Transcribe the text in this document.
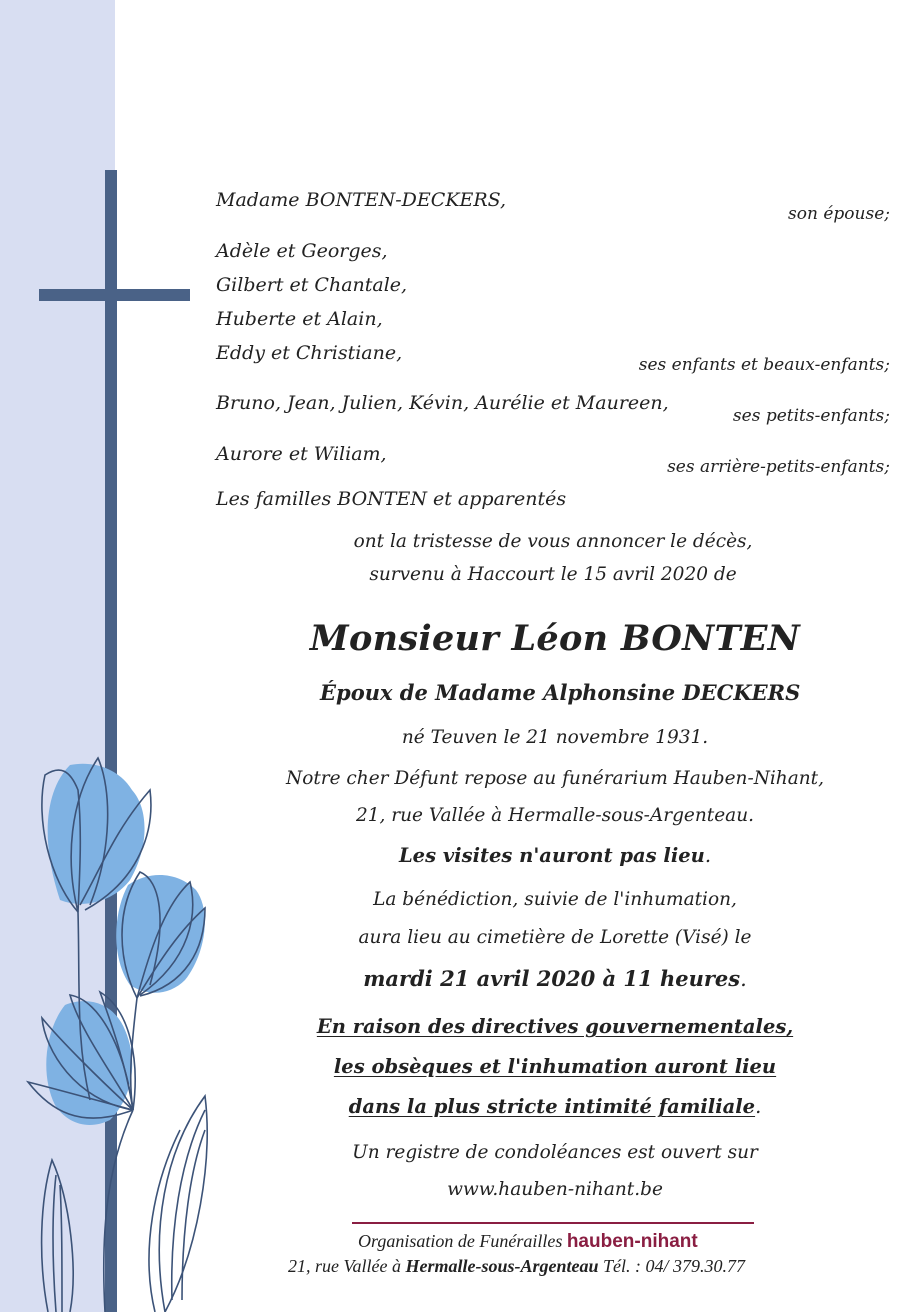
Madame BONTEN-DECKERS,
son épouse;
Adèle et Georges,
Gilbert et Chantale,
Huberte et Alain,
Eddy et Christiane,
ses enfants et beaux-enfants;
Bruno, Jean, Julien, Kévin, Aurélie et Maureen,
ses petits-enfants;
Aurore et Wiliam,
ses arrière-petits-enfants;
Les familles BONTEN et apparentés
ont la tristesse de vous annoncer le décès,
survenu à Haccourt le 15 avril 2020 de
Monsieur Léon BONTEN
Époux de Madame Alphonsine DECKERS
né Teuven le 21 novembre 1931.
Notre cher Défunt repose au funérarium Hauben-Nihant,
21, rue Vallée à Hermalle-sous-Argenteau.
Les visites n'auront pas lieu.
La bénédiction, suivie de l'inhumation,
aura lieu au cimetière de Lorette (Visé) le
mardi 21 avril 2020 à 11 heures.
En raison des directives gouvernementales,
les obsèques et l'inhumation auront lieu
dans la plus stricte intimité familiale.
Un registre de condoléances est ouvert sur
www.hauben-nihant.be
Organisation de Funérailles hauben-nihant
21, rue Vallée à Hermalle-sous-Argenteau Tél. : 04/ 379.30.77
